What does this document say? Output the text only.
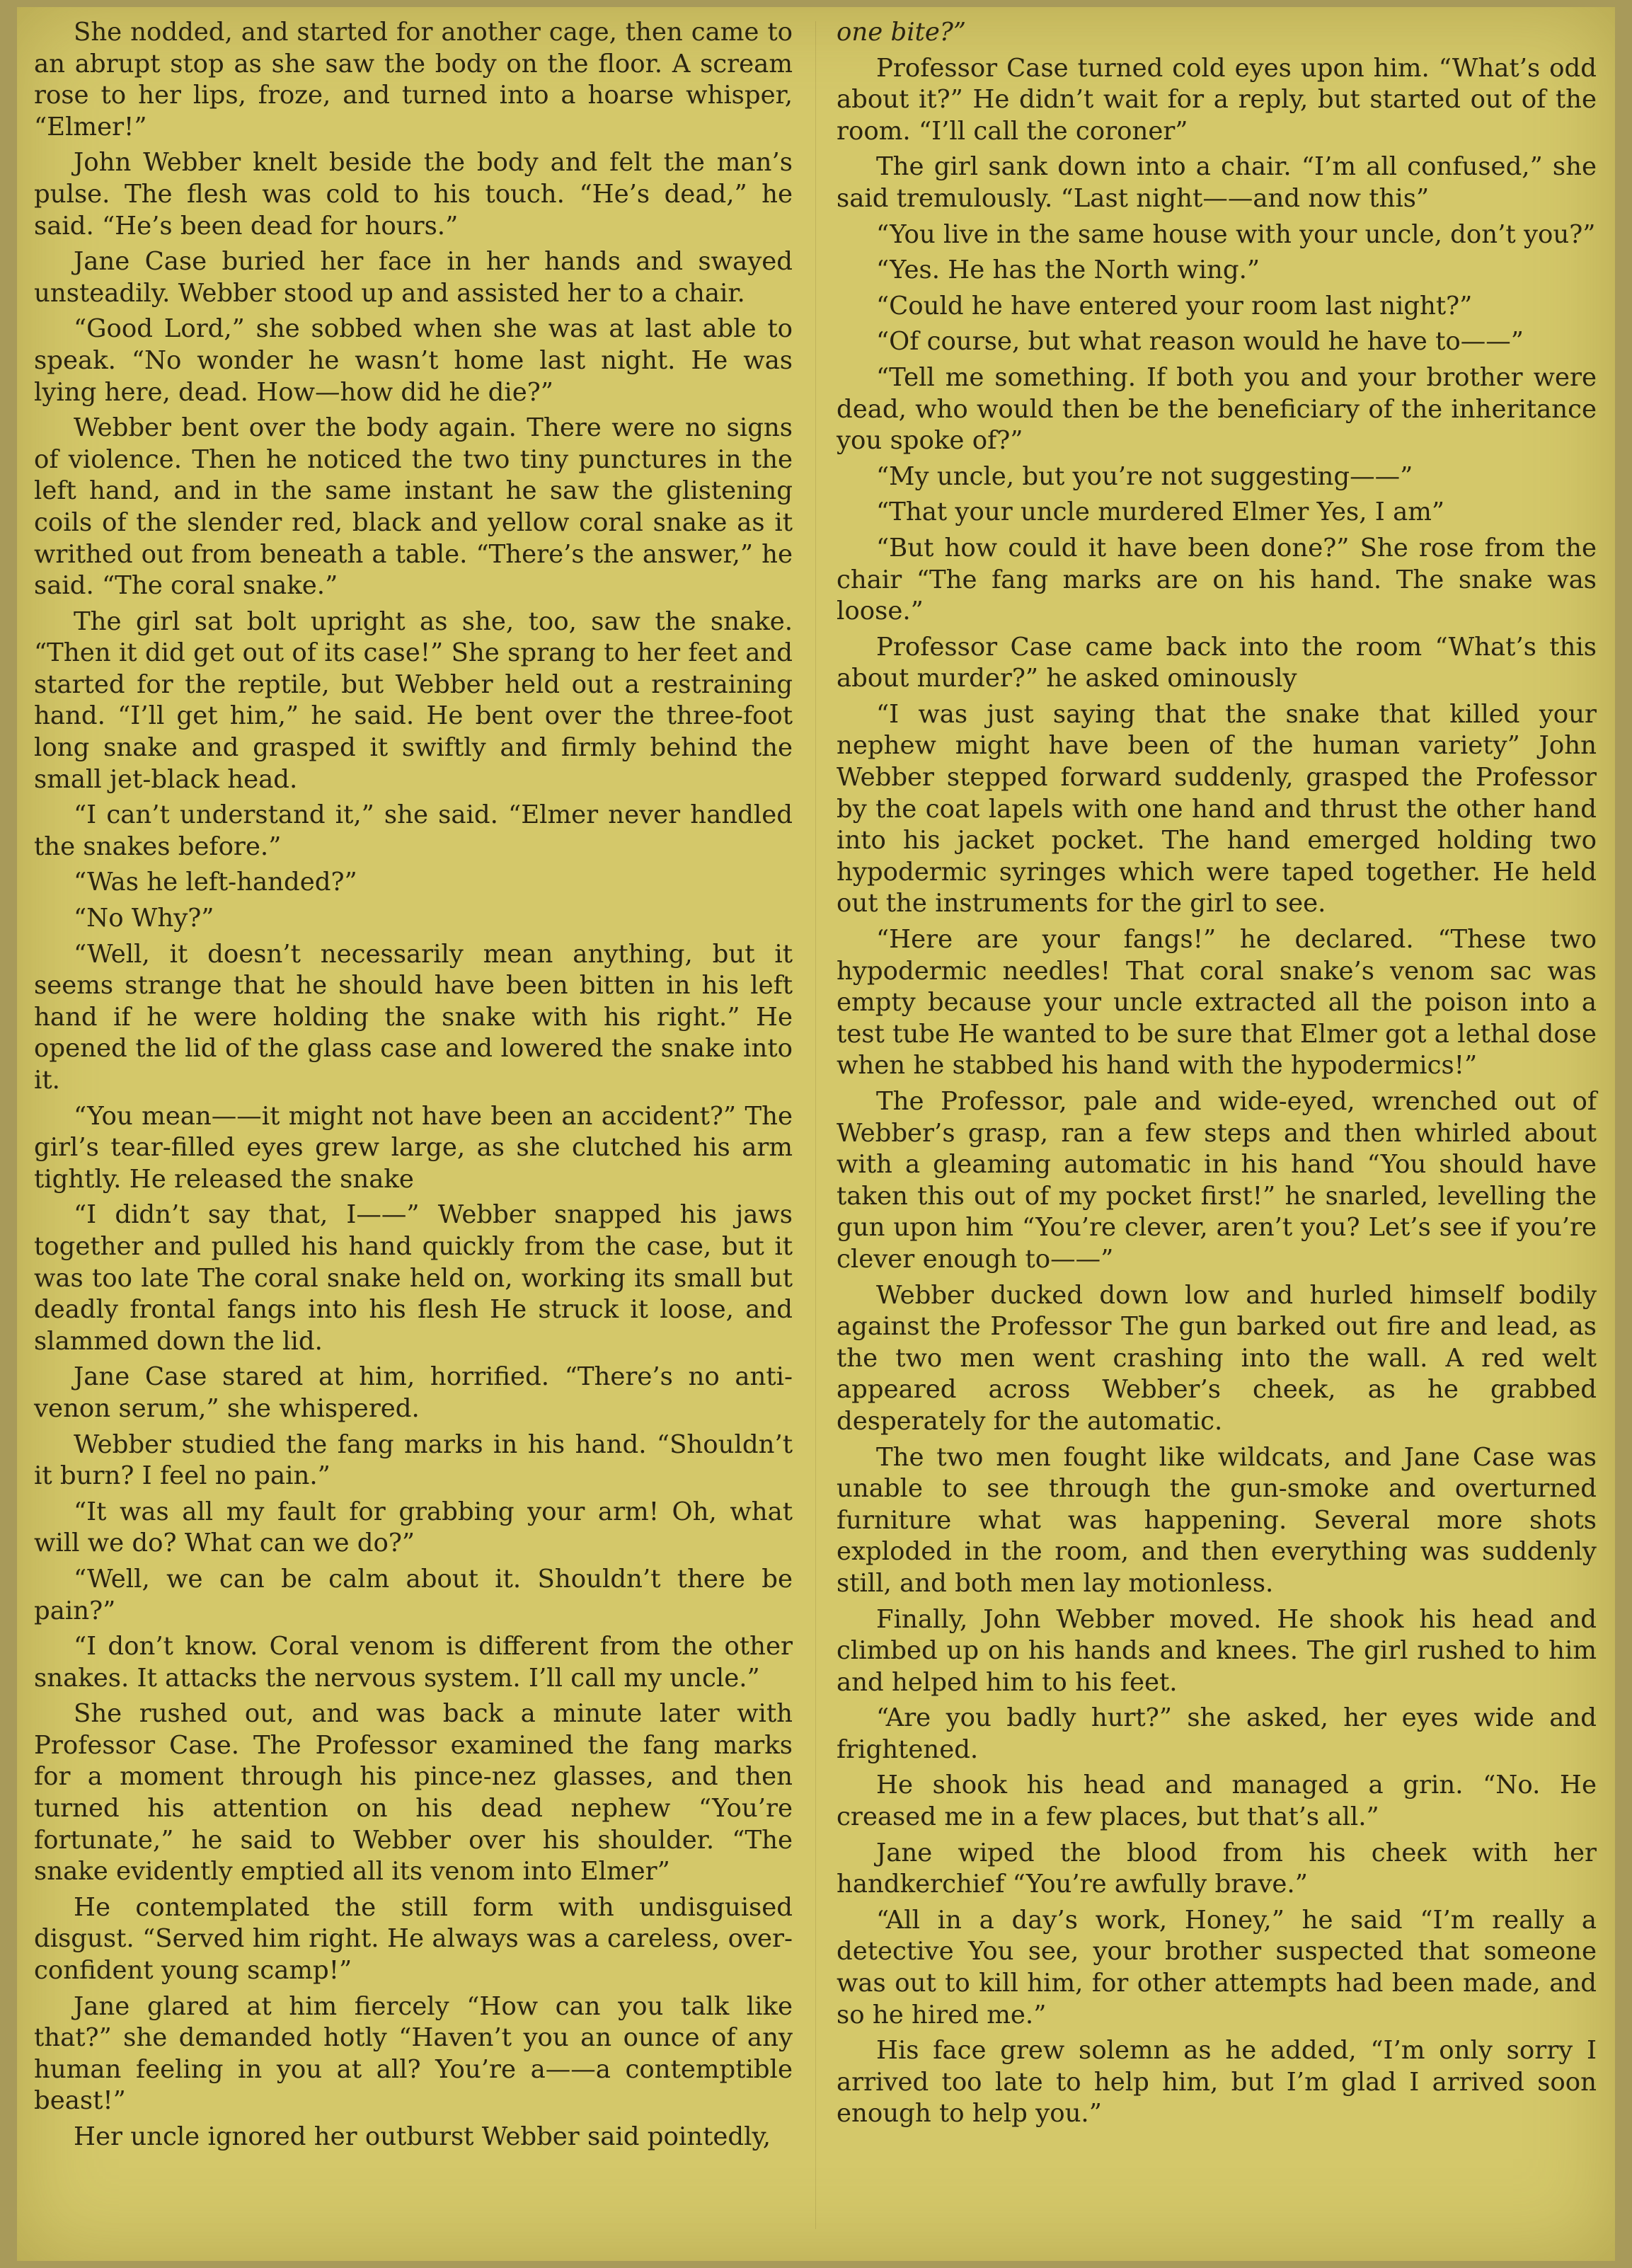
She nodded, and started for another cage, then came to an abrupt stop as she saw the body on the floor. A scream rose to her lips, froze, and turned into a hoarse whisper, “Elmer!”

John Webber knelt beside the body and felt the man’s pulse. The flesh was cold to his touch. “He’s dead,” he said. “He’s been dead for hours.”

Jane Case buried her face in her hands and swayed unsteadily. Webber stood up and assisted her to a chair.

“Good Lord,” she sobbed when she was at last able to speak. “No wonder he wasn’t home last night. He was lying here, dead. How—how did he die?”

Webber bent over the body again. There were no signs of violence. Then he noticed the two tiny punctures in the left hand, and in the same instant he saw the glistening coils of the slender red, black and yellow coral snake as it writhed out from beneath a table. “There’s the answer,” he said. “The coral snake.”

The girl sat bolt upright as she, too, saw the snake. “Then it did get out of its case!” She sprang to her feet and started for the reptile, but Webber held out a restraining hand. “I’ll get him,” he said. He bent over the three-foot long snake and grasped it swiftly and firmly behind the small jet-black head.

“I can’t understand it,” she said. “Elmer never handled the snakes before.”

“Was he left-handed?”

“No Why?”

“Well, it doesn’t necessarily mean anything, but it seems strange that he should have been bitten in his left hand if he were holding the snake with his right.” He opened the lid of the glass case and lowered the snake into it.

“You mean——it might not have been an accident?” The girl’s tear-filled eyes grew large, as she clutched his arm tightly. He released the snake

“I didn’t say that, I——” Webber snapped his jaws together and pulled his hand quickly from the case, but it was too late The coral snake held on, working its small but deadly frontal fangs into his flesh He struck it loose, and slammed down the lid.

Jane Case stared at him, horrified. “There’s no anti-venon serum,” she whispered.

Webber studied the fang marks in his hand. “Shouldn’t it burn? I feel no pain.”

“It was all my fault for grabbing your arm! Oh, what will we do? What can we do?”

“Well, we can be calm about it. Shouldn’t there be pain?”

“I don’t know. Coral venom is different from the other snakes. It attacks the nervous system. I’ll call my uncle.”

She rushed out, and was back a minute later with Professor Case. The Professor examined the fang marks for a moment through his pince-nez glasses, and then turned his attention on his dead nephew “You’re fortunate,” he said to Webber over his shoulder. “The snake evidently emptied all its venom into Elmer”

He contemplated the still form with undisguised disgust. “Served him right. He always was a careless, over-confident young scamp!”

Jane glared at him fiercely “How can you talk like that?” she demanded hotly “Haven’t you an ounce of any human feeling in you at all? You’re a——a contemptible beast!”

Her uncle ignored her outburst Webber said pointedly,

one bite?”

Professor Case turned cold eyes upon him. “What’s odd about it?” He didn’t wait for a reply, but started out of the room. “I’ll call the coroner”

The girl sank down into a chair. “I’m all confused,” she said tremulously. “Last night——and now this”

“You live in the same house with your uncle, don’t you?”

“Yes. He has the North wing.”

“Could he have entered your room last night?”

“Of course, but what reason would he have to——”

“Tell me something. If both you and your brother were dead, who would then be the beneficiary of the inheritance you spoke of?”

“My uncle, but you’re not suggesting——”

“That your uncle murdered Elmer Yes, I am”

“But how could it have been done?” She rose from the chair “The fang marks are on his hand. The snake was loose.”

Professor Case came back into the room “What’s this about murder?” he asked ominously

“I was just saying that the snake that killed your nephew might have been of the human variety” John Webber stepped forward suddenly, grasped the Professor by the coat lapels with one hand and thrust the other hand into his jacket pocket. The hand emerged holding two hypodermic syringes which were taped together. He held out the instruments for the girl to see.

“Here are your fangs!” he declared. “These two hypodermic needles! That coral snake’s venom sac was empty because your uncle extracted all the poison into a test tube He wanted to be sure that Elmer got a lethal dose when he stabbed his hand with the hypodermics!”

The Professor, pale and wide-eyed, wrenched out of Webber’s grasp, ran a few steps and then whirled about with a gleaming automatic in his hand “You should have taken this out of my pocket first!” he snarled, levelling the gun upon him “You’re clever, aren’t you? Let’s see if you’re clever enough to——”

Webber ducked down low and hurled himself bodily against the Professor The gun barked out fire and lead, as the two men went crashing into the wall. A red welt appeared across Webber’s cheek, as he grabbed desperately for the automatic.

The two men fought like wildcats, and Jane Case was unable to see through the gun-smoke and overturned furniture what was happening. Several more shots exploded in the room, and then everything was suddenly still, and both men lay motionless.

Finally, John Webber moved. He shook his head and climbed up on his hands and knees. The girl rushed to him and helped him to his feet.

“Are you badly hurt?” she asked, her eyes wide and frightened.

He shook his head and managed a grin. “No. He creased me in a few places, but that’s all.”

Jane wiped the blood from his cheek with her handkerchief “You’re awfully brave.”

“All in a day’s work, Honey,” he said “I’m really a detective You see, your brother suspected that someone was out to kill him, for other attempts had been made, and so he hired me.”

His face grew solemn as he added, “I’m only sorry I arrived too late to help him, but I’m glad I arrived soon enough to help you.”
